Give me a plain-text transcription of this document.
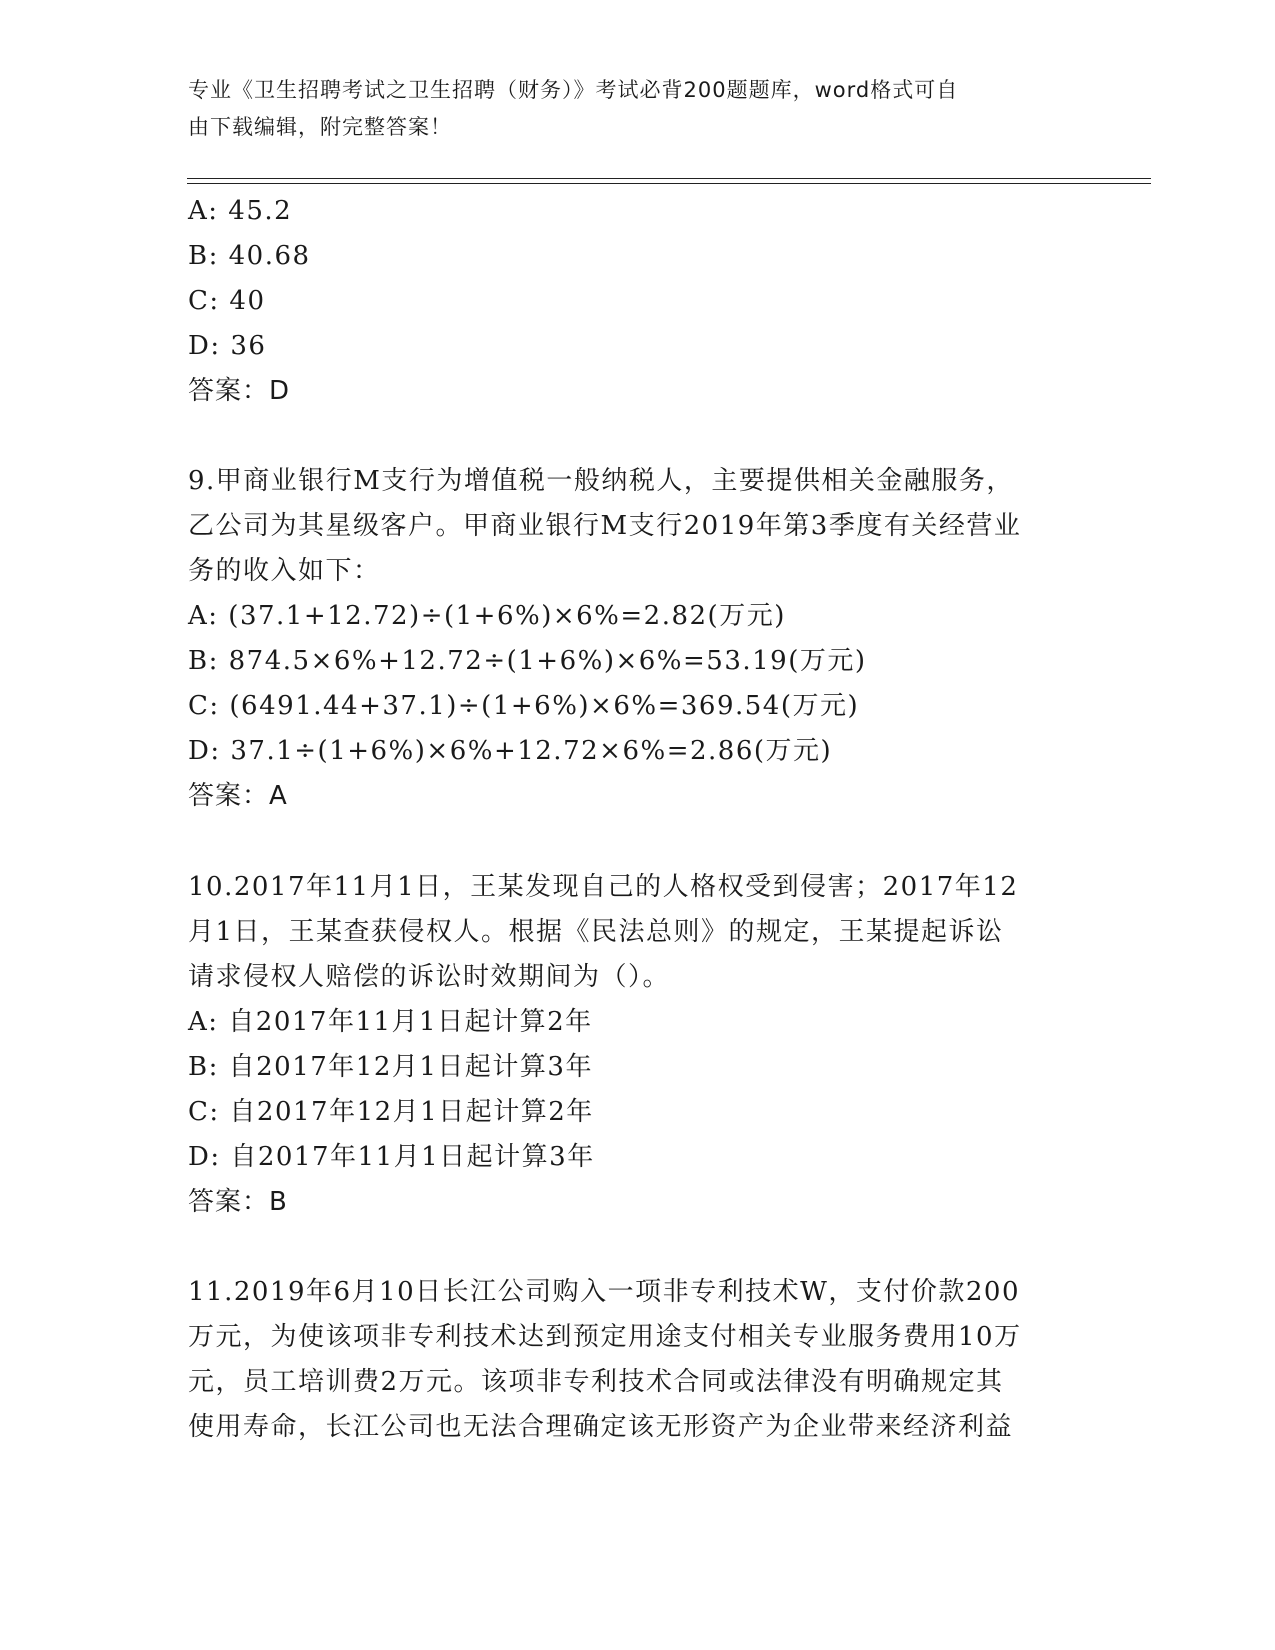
专业《卫生招聘考试之卫生招聘（财务）》考试必背200题题库，word格式可自
由下载编辑，附完整答案！
A: 45.2
B: 40.68
C: 40
D: 36
答案：D
9.甲商业银行M支行为增值税一般纳税人，主要提供相关金融服务，
乙公司为其星级客户。甲商业银行M支行2019年第3季度有关经营业
务的收入如下：
A: (37.1+12.72)÷(1+6%)×6%=2.82(万元)
B: 874.5×6%+12.72÷(1+6%)×6%=53.19(万元)
C: (6491.44+37.1)÷(1+6%)×6%=369.54(万元)
D: 37.1÷(1+6%)×6%+12.72×6%=2.86(万元)
答案：A
10.2017年11月1日，王某发现自己的人格权受到侵害；2017年12
月1日，王某查获侵权人。根据《民法总则》的规定，王某提起诉讼
请求侵权人赔偿的诉讼时效期间为（）。
A: 自2017年11月1日起计算2年
B: 自2017年12月1日起计算3年
C: 自2017年12月1日起计算2年
D: 自2017年11月1日起计算3年
答案：B
11.2019年6月10日长江公司购入一项非专利技术W，支付价款200
万元，为使该项非专利技术达到预定用途支付相关专业服务费用10万
元，员工培训费2万元。该项非专利技术合同或法律没有明确规定其
使用寿命，长江公司也无法合理确定该无形资产为企业带来经济利益
